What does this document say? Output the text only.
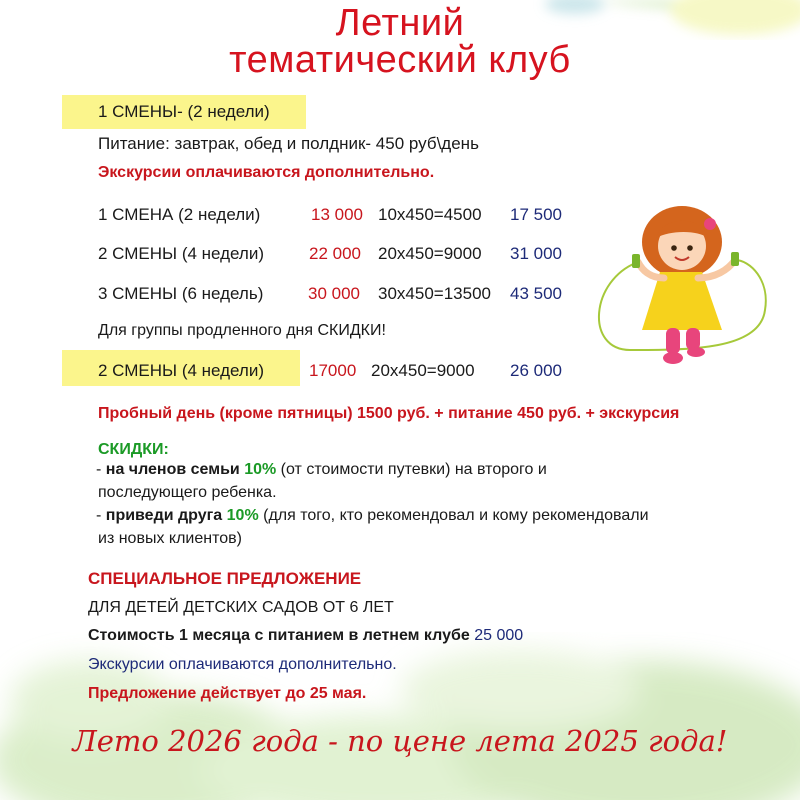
Летний
тематический клуб
1 СМЕНЫ- (2 недели)
Питание: завтрак, обед и полдник- 450 руб\день
Экскурсии оплачиваются дополнительно.
1 СМЕНА (2 недели)	13 000 10х450=4500 17 500
2 СМЕНЫ (4 недели)	22 000 20х450=9000 31 000
3 СМЕНЫ (6 недель)	30 000 30х450=13500 43 500
Для группы продленного дня СКИДКИ!
2 СМЕНЫ (4 недели)	17000 20х450=9000 26 000
Пробный день (кроме пятницы) 1500 руб. + питание 450 руб. + экскурсия
СКИДКИ:
- на членов семьи 10% (от стоимости путевки) на второго и
последующего ребенка.
- приведи друга 10% (для того, кто рекомендовал и кому рекомендовали
из новых клиентов)
СПЕЦИАЛЬНОЕ ПРЕДЛОЖЕНИЕ
ДЛЯ ДЕТЕЙ ДЕТСКИХ САДОВ ОТ 6 ЛЕТ
Стоимость 1 месяца с питанием в летнем клубе 25 000
Экскурсии оплачиваются дополнительно.
Предложение действует до 25 мая.
Лето 2026 года - по цене лета 2025 года!
